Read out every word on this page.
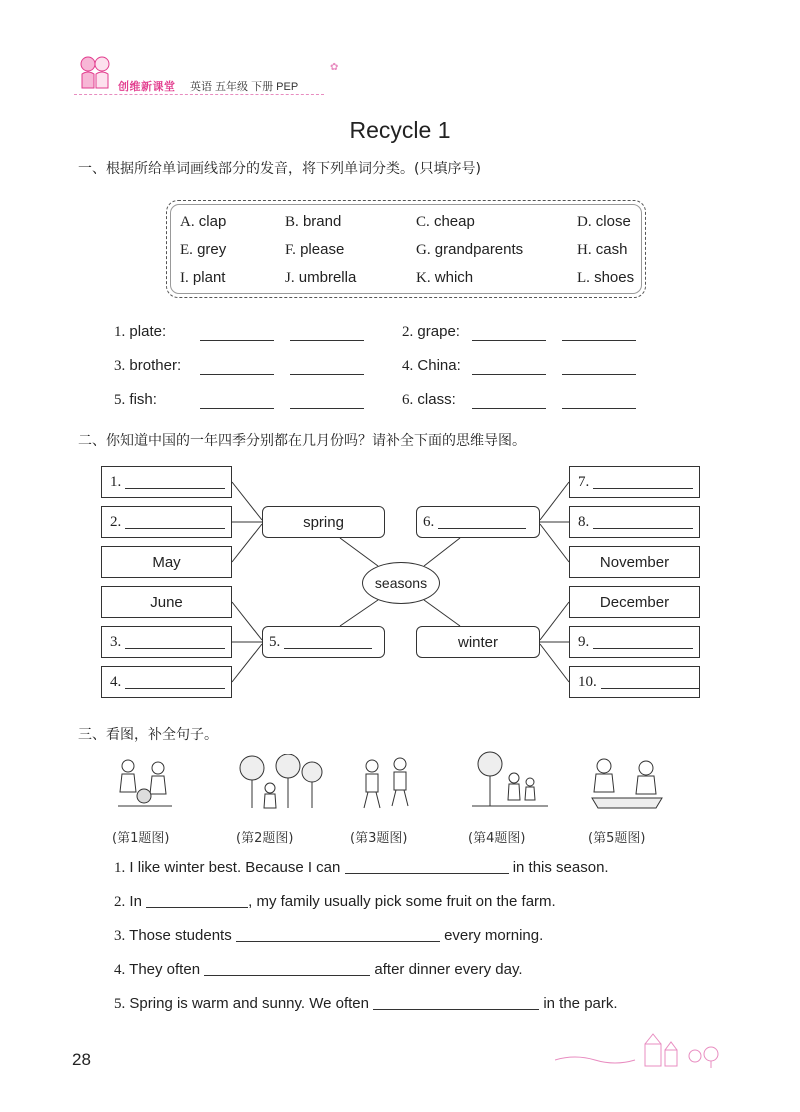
创维新课堂 英语 五年级 下册 PEP
✿
Recycle 1
一、根据所给单词画线部分的发音，将下列单词分类。(只填序号)
A. clap	B. brand	C. cheap	D. close
E. grey	F. please	G. grandparents	H. cash
I. plant	J. umbrella	K. which	L. shoes
1. plate:	2. grape:
3. brother:	4. China:
5. fish:	6. class:
二、你知道中国的一年四季分别都在几月份吗？请补全下面的思维导图。
1.
2.
May
June
3.
4.
7.
8.
November
December
9.
10.
spring	6.
5.	winter
seasons
三、看图，补全句子。
(第1题图)	(第2题图)	(第3题图)	(第4题图)	(第5题图)
1. I like winter best. Because I can	in this season.
2. In	, my family usually pick some fruit on the farm.
3. Those students	every morning.
4. They often	after dinner every day.
5. Spring is warm and sunny. We often	in the park.
28
